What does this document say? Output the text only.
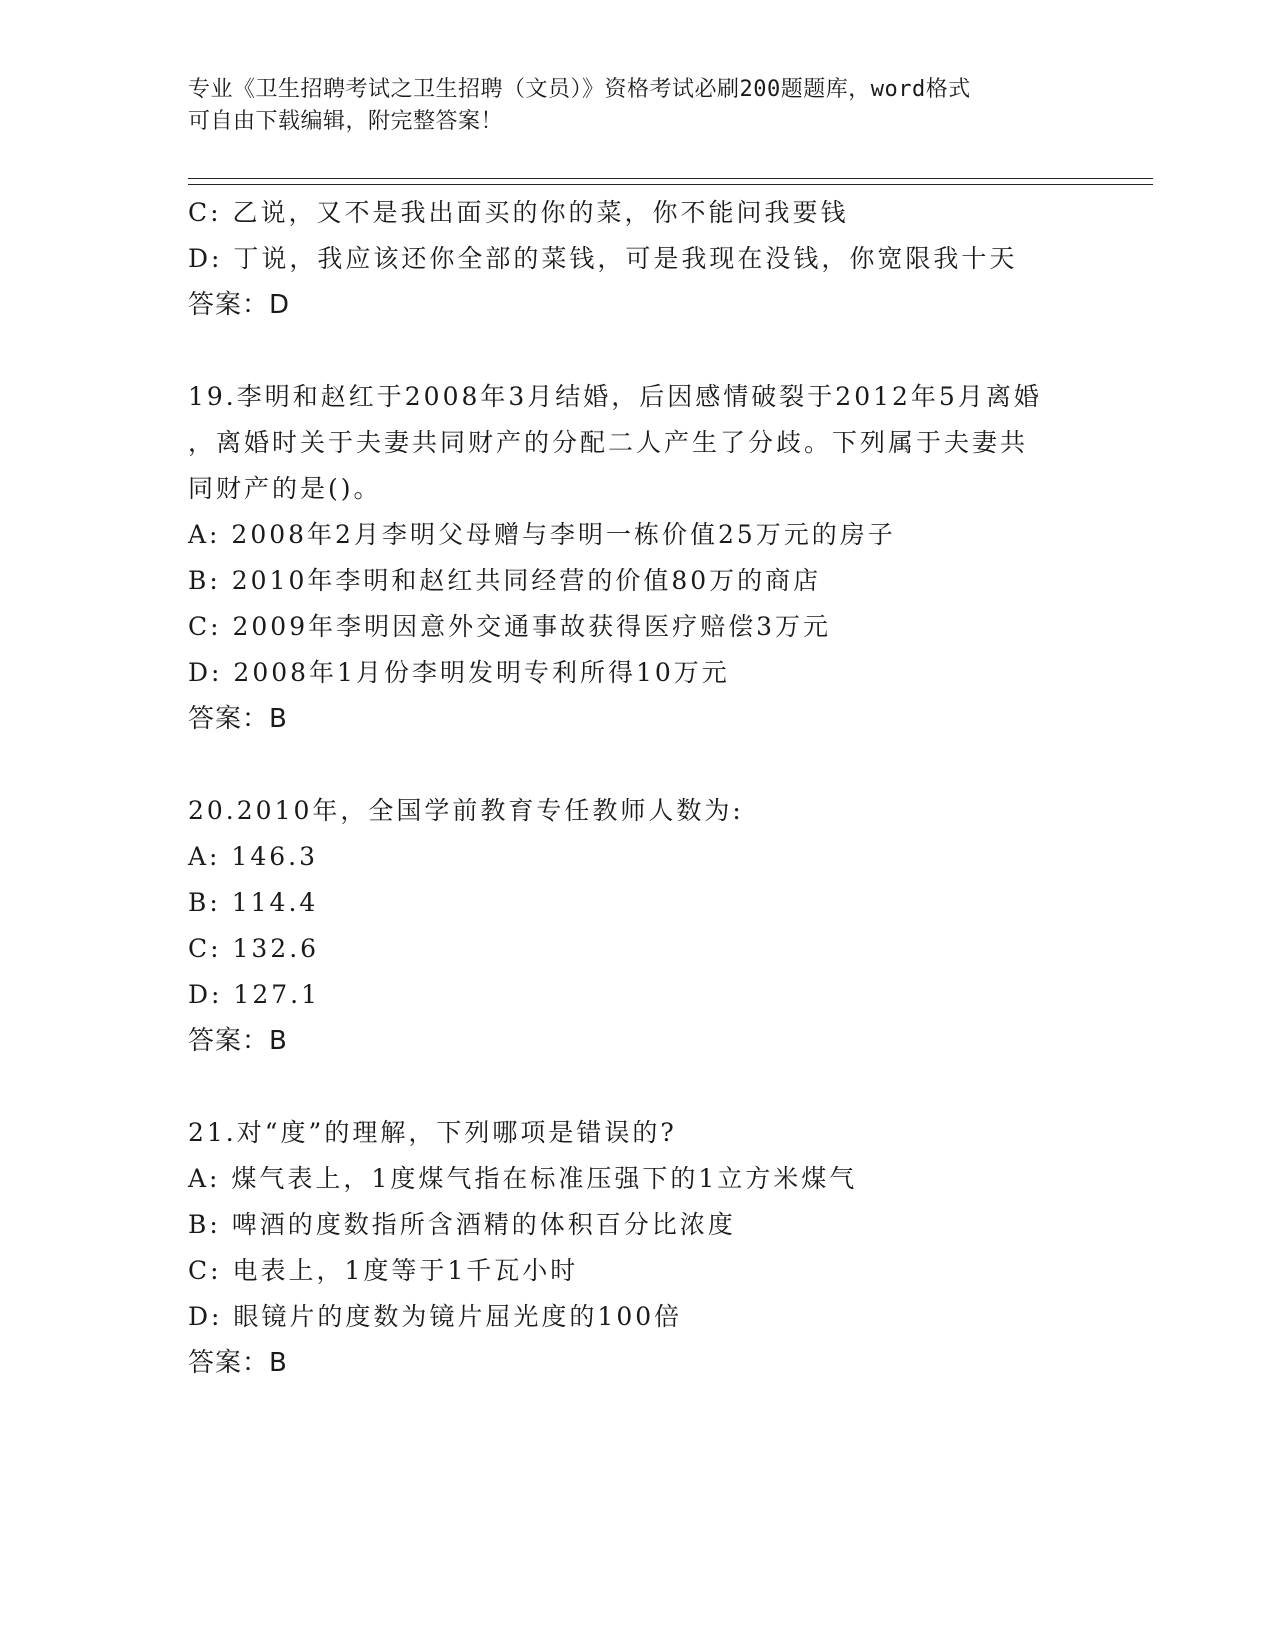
专业《卫生招聘考试之卫生招聘（文员）》资格考试必刷200题题库，word格式
可自由下载编辑，附完整答案！
C: 乙说，又不是我出面买的你的菜，你不能问我要钱
D: 丁说，我应该还你全部的菜钱，可是我现在没钱，你宽限我十天
答案：D
19.李明和赵红于2008年3月结婚，后因感情破裂于2012年5月离婚
，离婚时关于夫妻共同财产的分配二人产生了分歧。下列属于夫妻共
同财产的是()。
A: 2008年2月李明父母赠与李明一栋价值25万元的房子
B: 2010年李明和赵红共同经营的价值80万的商店
C: 2009年李明因意外交通事故获得医疗赔偿3万元
D: 2008年1月份李明发明专利所得10万元
答案：B
20.2010年，全国学前教育专任教师人数为:
A: 146.3
B: 114.4
C: 132.6
D: 127.1
答案：B
21.对“度”的理解，下列哪项是错误的?
A: 煤气表上，1度煤气指在标准压强下的1立方米煤气
B: 啤酒的度数指所含酒精的体积百分比浓度
C: 电表上，1度等于1千瓦小时
D: 眼镜片的度数为镜片屈光度的100倍
答案：B
